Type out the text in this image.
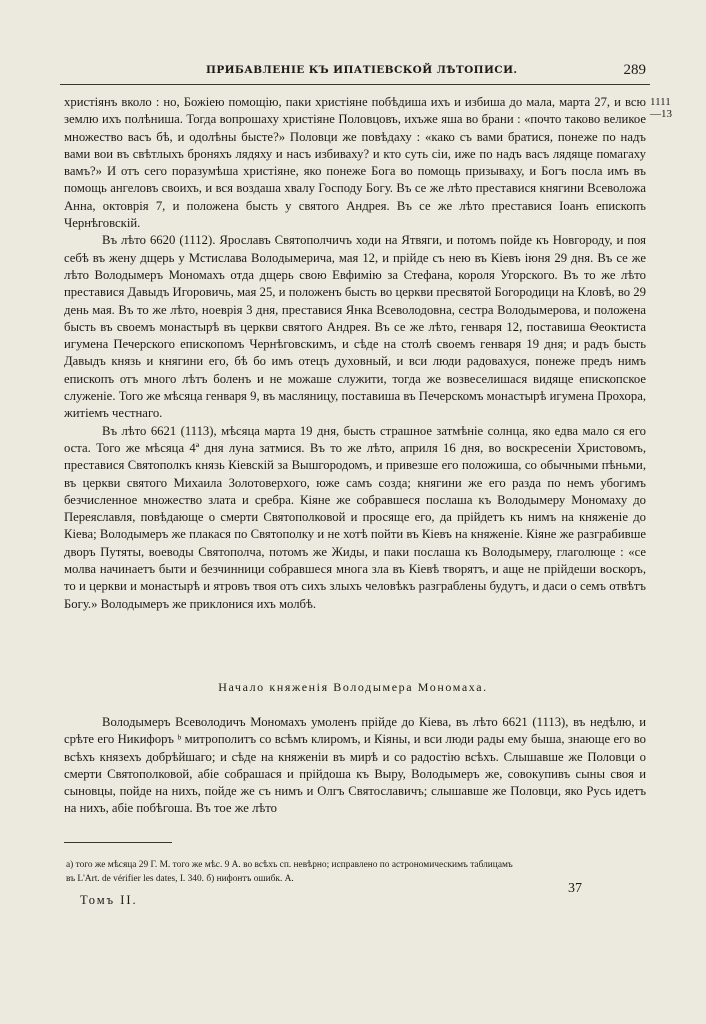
ПРИБАВЛЕНІЕ КЪ ИПАТІЕВСКОЙ ЛѢТОПИСИ.	289
1111
—13

христіянъ вколо : но, Божіею помощію, паки христіяне побѣдиша ихъ и избиша до мала, марта 27, и всю землю ихъ полѣниша. Тогда вопрошаху христіяне Половцовъ, ихъже яша во брани : «почто таково великое множество васъ бѣ, и одолѣны быстe?» Половци же повѣдаху : «како съ вами братися, понеже по надъ вами вои въ свѣтлыхъ броняхъ лядяху и насъ избиваху? и кто суть сіи, иже по надъ васъ лядяще помагаху вамъ?» И отъ сего поразумѣша христіяне, яко понеже Бога во помощь призываху, и Богъ посла имъ въ помощь ангеловъ своихъ, и вся воздаша хвалу Господу Богу. Въ се же лѣто преставися княгини Всеволожа Анна, октоврія 7, и положена бысть у святого Андрея. Въ се же лѣто преставися Іоанъ епископъ Чернѣговскій.

Въ лѣто 6620 (1112). Ярославъ Святополчичъ ходи на Ятвяги, и потомъ пойде къ Новгороду, и поя себѣ въ жену дщерь у Мстислава Володымерича, мая 12, и прійде съ нею въ Кіевъ іюня 29 дня. Въ се же лѣто Володымеръ Мономахъ отда дщерь свою Евфимію за Стефана, короля Угорского. Въ то же лѣто преставися Давыдъ Игоровичь, мая 25, и положенъ бысть во церкви пресвятой Богородици на Кловѣ, во 29 день мая. Въ то же лѣто, ноеврія 3 дня, преставися Янка Всеволодовна, сестра Володымерова, и положена бысть въ своемъ монастырѣ въ церкви святого Андрея. Въ се же лѣто, генваря 12, поставиша Ѳеоктиста игумена Печерского епископомъ Чернѣговскимъ, и сѣде на столѣ своемъ генваря 19 дня; и радъ бысть Давыдъ князь и княгини его, бѣ бо имъ отецъ духовный, и вси люди радовахуся, понеже предъ нимъ епископъ отъ много лѣтъ боленъ и не можаше служити, тогда же возвеселишася видяще епископское служеніе. Того же мѣсяца генваря 9, въ масляницу, поставиша въ Печерскомъ монастырѣ игумена Прохора, житіемъ честнаго.

Въ лѣто 6621 (1113), мѣсяца марта 19 дня, бысть страшное затмѣніе солнца, яко едва мало ся его оста. Того же мѣсяца 4ª дня луна затмися. Въ то же лѣто, априля 16 дня, во воскресеніи Христовомъ, преставися Святополкъ князь Кіевскій за Вышгородомъ, и привезше его положиша, со обычными пѣньми, въ церкви святого Михаила Золотоверхого, юже самъ созда; княгини же его разда по немъ убогимъ безчисленное множество злата и сребра. Кіяне же собравшеся послаша къ Володымеру Мономаху до Переяславля, повѣдающе о смерти Святополковой и просяще его, да прійдетъ къ нимъ на княженіе до Кіева; Володымеръ же плакася по Святополку и не хотѣ пойти въ Кіевъ на княженіе. Кіяне же разграбивше дворъ Путяты, воеводы Святополча, потомъ же Жиды, и паки послаша къ Володымеру, глаголюще : «се молва начинаетъ быти и безчинници собравшеся многа зла въ Кіевѣ творятъ, и аще не прійдеши воскоръ, то и церкви и монастырѣ и ятровъ твоя отъ сихъ злыхъ человѣкъ разграблены будутъ, и даси о семъ отвѣтъ Богу.» Володымеръ же приклонися ихъ молбѣ.

Начало княженія Володымера Мономаха.

Володымеръ Всеволодичъ Мономахъ умоленъ прійде до Кіева, въ лѣто 6621 (1113), въ недѣлю, и срѣте его Никифоръ ᵇ митрополитъ со всѣмъ клиромъ, и Кіяны, и вси люди рады ему быша, знающе его во всѣхъ князехъ добрѣйшаго; и сѣде на княженіи въ мирѣ и со радостію всѣхъ. Слышавше же Половци о смерти Святополковой, абіе собрашася и прійдоша къ Выру, Володымеръ же, совокупивъ сыны своя и сыновцы, пойде на нихъ, пойде же съ нимъ и Олгъ Святославичъ; слышавше же Половци, яко Русь идетъ на нихъ, абіе побѣгоша. Въ тое же лѣто

а) того же мѣсяца 29 Г. М. того же мѣс. 9 А. во всѣхъ сп. невѣрно; исправлено по астрономическимъ таблицамъ
въ L'Art. de vérifier les dates, I. 340. б) нифонтъ ошибк. А.
Томъ II.
37
